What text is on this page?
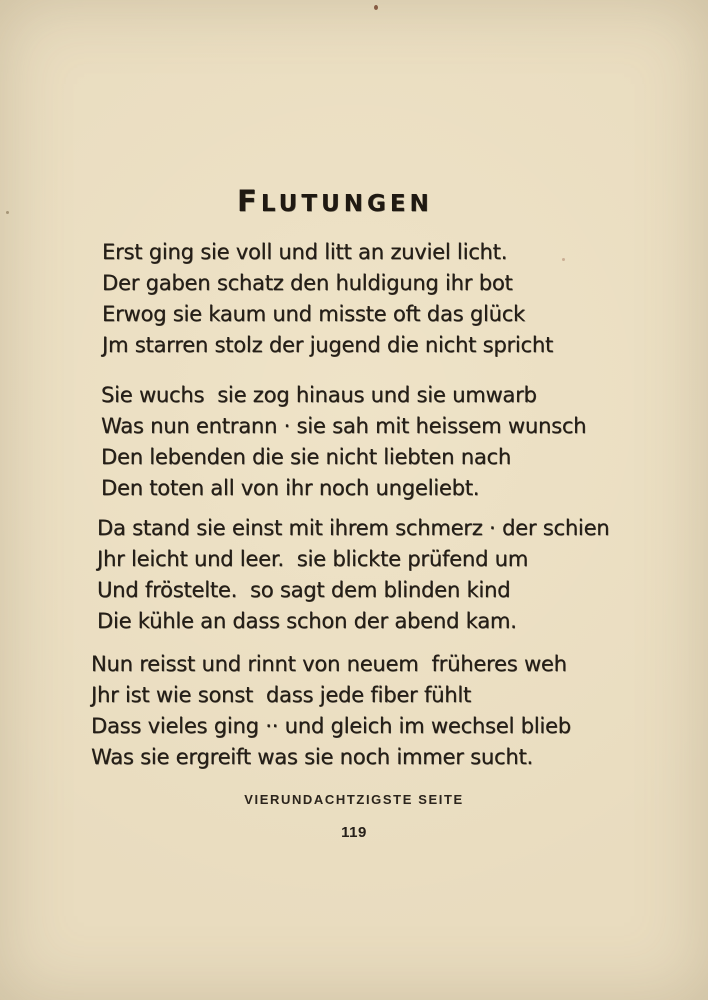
FLUTUNGEN
Erst ging sie voll und litt an zuviel licht.
Der gaben schatz den huldigung ihr bot
Erwog sie kaum und misste oft das glück
Jm starren stolz der jugend die nicht spricht
Sie wuchs  sie zog hinaus und sie umwarb
Was nun entrann · sie sah mit heissem wunsch
Den lebenden die sie nicht liebten nach
Den toten all von ihr noch ungeliebt.
Da stand sie einst mit ihrem schmerz · der schien
Jhr leicht und leer.  sie blickte prüfend um
Und fröstelte.  so sagt dem blinden kind
Die kühle an dass schon der abend kam.
Nun reisst und rinnt von neuem  früheres weh
Jhr ist wie sonst  dass jede fiber fühlt
Dass vieles ging ·· und gleich im wechsel blieb
Was sie ergreift was sie noch immer sucht.
VIERUNDACHTZIGSTE SEITE
119
